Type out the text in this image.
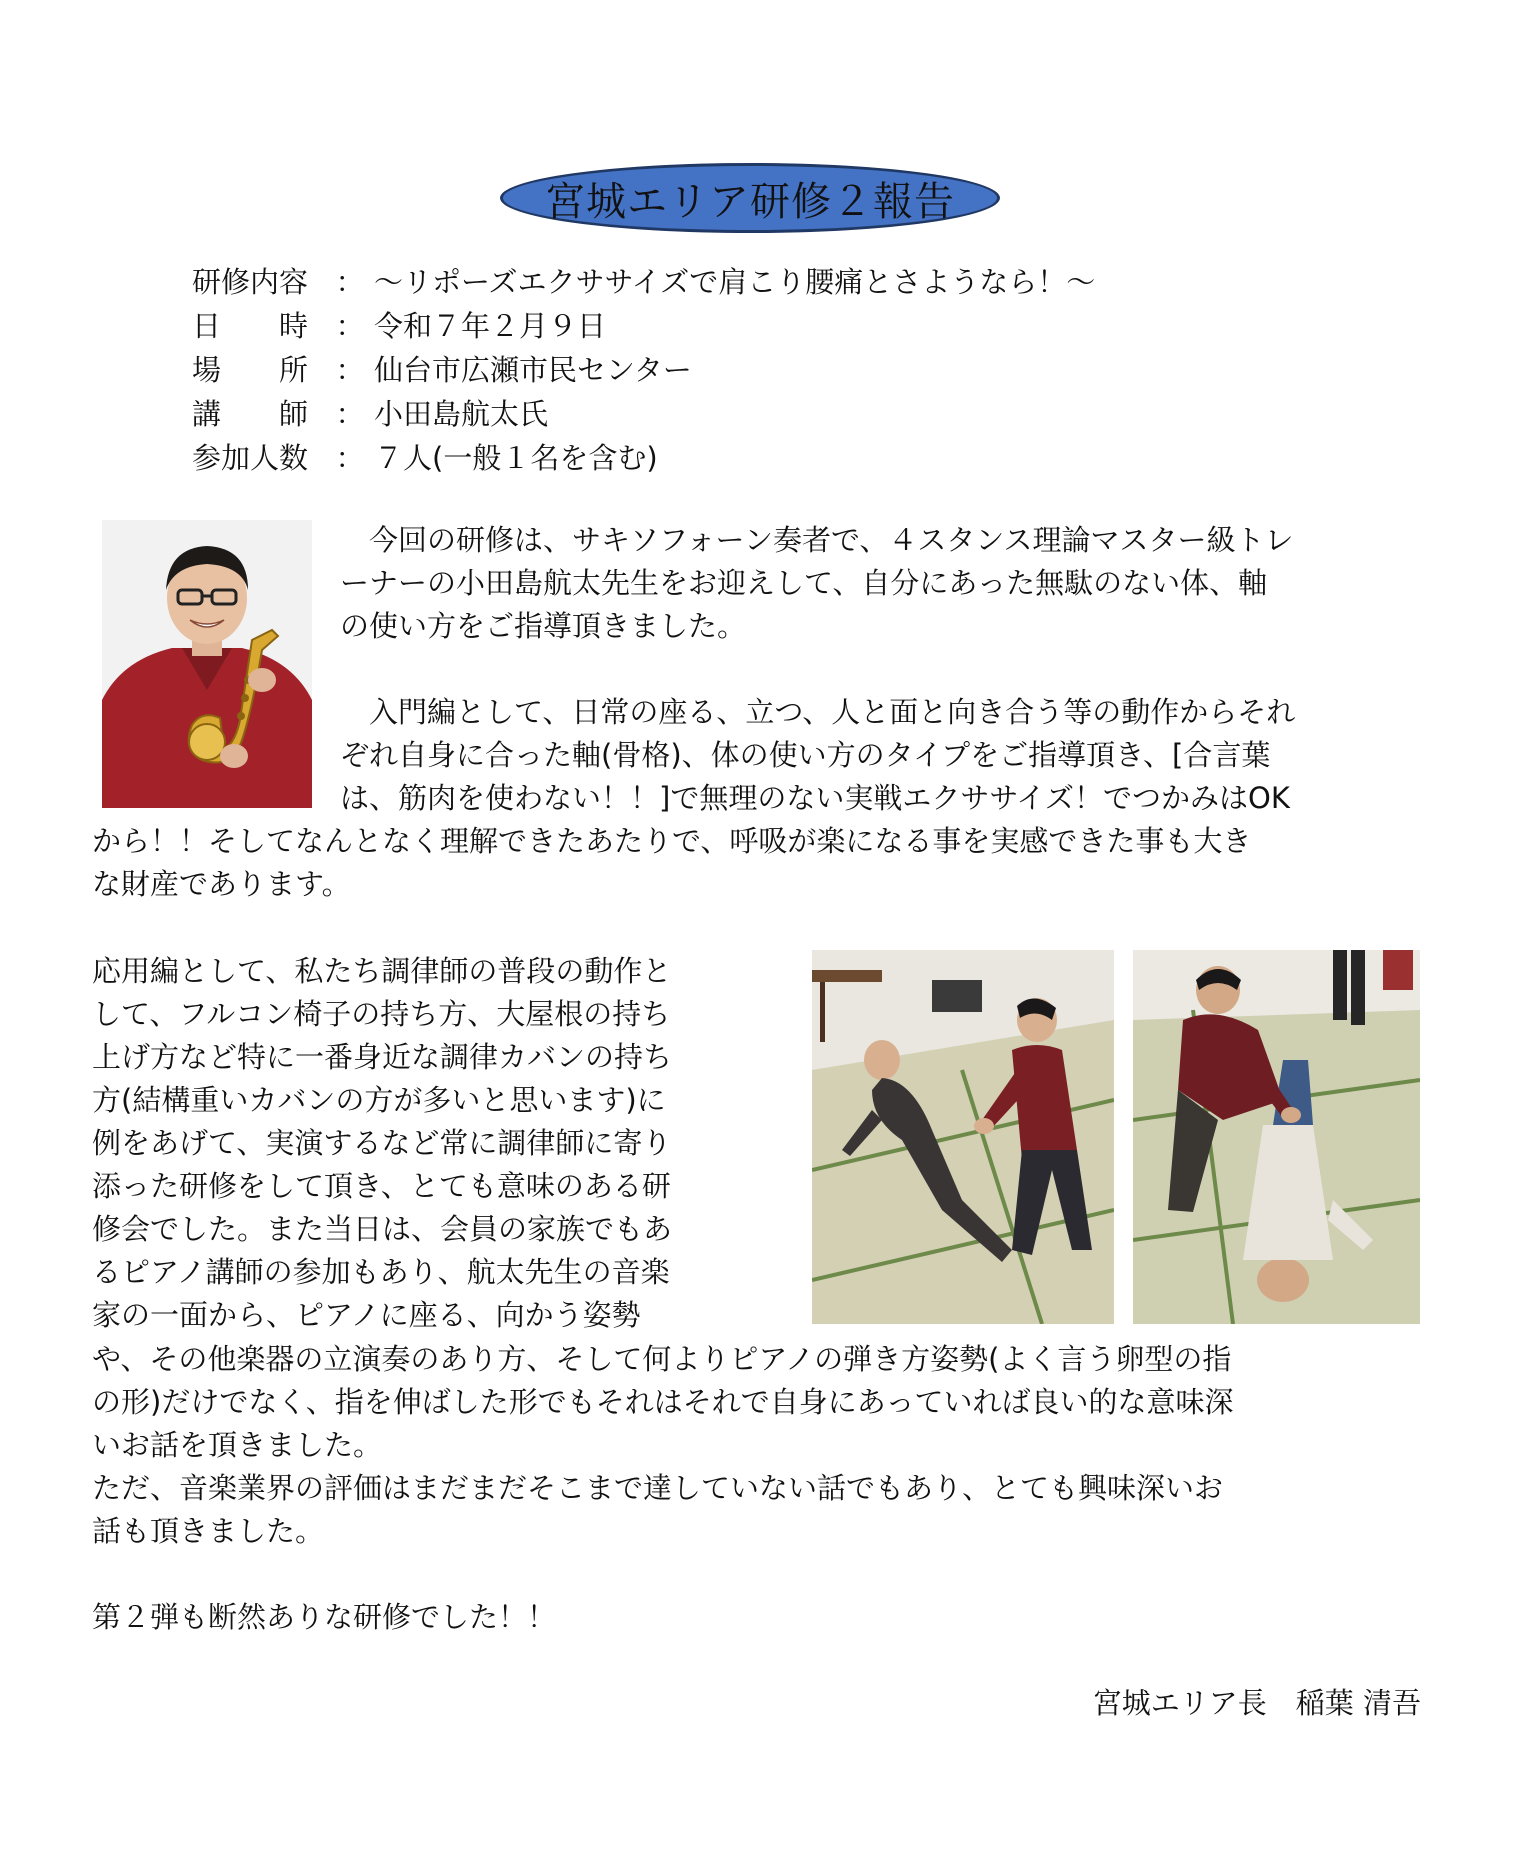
宮城エリア研修２報告
研修内容 ： ～リポーズエクササイズで肩こり腰痛とさようなら！～
日　　時 ： 令和７年２月９日
場　　所 ： 仙台市広瀬市民センター
講　　師 ： 小田島航太氏
参加人数 ： ７人(一般１名を含む)
　今回の研修は、サキソフォーン奏者で、４スタンス理論マスター級トレ
ーナーの小田島航太先生をお迎えして、自分にあった無駄のない体、軸
の使い方をご指導頂きました。
　入門編として、日常の座る、立つ、人と面と向き合う等の動作からそれ
ぞれ自身に合った軸(骨格)、体の使い方のタイプをご指導頂き、[合言葉
は、筋肉を使わない！！]で無理のない実戦エクササイズ！でつかみはOK
から！！そしてなんとなく理解できたあたりで、呼吸が楽になる事を実感できた事も大き
な財産であります。
応用編として、私たち調律師の普段の動作と
して、フルコン椅子の持ち方、大屋根の持ち
上げ方など特に一番身近な調律カバンの持ち
方(結構重いカバンの方が多いと思います)に
例をあげて、実演するなど常に調律師に寄り
添った研修をして頂き、とても意味のある研
修会でした。また当日は、会員の家族でもあ
るピアノ講師の参加もあり、航太先生の音楽
家の一面から、ピアノに座る、向かう姿勢
や、その他楽器の立演奏のあり方、そして何よりピアノの弾き方姿勢(よく言う卵型の指
の形)だけでなく、指を伸ばした形でもそれはそれで自身にあっていれば良い的な意味深
いお話を頂きました。
ただ、音楽業界の評価はまだまだそこまで達していない話でもあり、とても興味深いお
話も頂きました。
第２弾も断然ありな研修でした！！
宮城エリア長　稲葉 清吾
